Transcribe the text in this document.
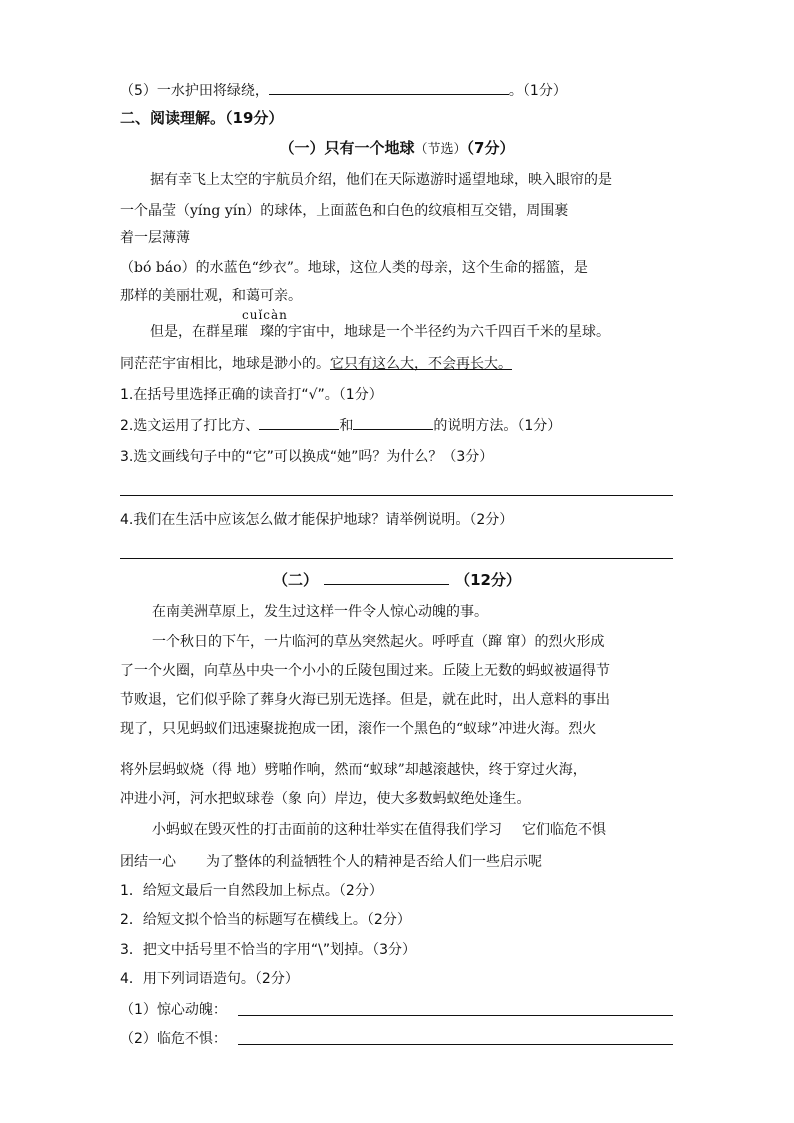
（5）一水护田将绿绕，	。（1分）
二、阅读理解。（19分）
（一）只有一个地球（节选）（7分）
据有幸飞上太空的宇航员介绍，他们在天际遨游时遥望地球，映入眼帘的是
一个晶莹（yíng yín）的球体，上面蓝色和白色的纹痕相互交错，周围裹
着一层薄薄
（bó báo）的水蓝色“纱衣”。地球，这位人类的母亲，这个生命的摇篮，是
那样的美丽壮观，和蔼可亲。
cuǐcàn
但是，在群星璀 璨的宇宙中，地球是一个半径约为六千四百千米的星球。
同茫茫宇宙相比，地球是渺小的。它只有这么大，不会再长大。
1.在括号里选择正确的读音打“√”。（1分）
2.选文运用了打比方、	和	的说明方法。（1分）
3.选文画线句子中的“它”可以换成“她”吗？为什么？（3分）
4.我们在生活中应该怎么做才能保护地球？请举例说明。（2分）
（二）	（12分）
在南美洲草原上，发生过这样一件令人惊心动魄的事。
一个秋日的下午，一片临河的草丛突然起火。呼呼直（蹿 窜）的烈火形成
了一个火圈，向草丛中央一个小小的丘陵包围过来。丘陵上无数的蚂蚁被逼得节
节败退，它们似乎除了葬身火海已别无选择。但是，就在此时，出人意料的事出
现了，只见蚂蚁们迅速聚拢抱成一团，滚作一个黑色的“蚁球”冲进火海。烈火
将外层蚂蚁烧（得 地）劈啪作响，然而“蚁球”却越滚越快，终于穿过火海，
冲进小河，河水把蚁球卷（象 向）岸边，使大多数蚂蚁绝处逢生。
小蚂蚁在毁灭性的打击面前的这种壮举实在值得我们学习 它们临危不惧
团结一心 为了整体的利益牺牲个人的精神是否给人们一些启示呢
1．给短文最后一自然段加上标点。（2分）
2．给短文拟个恰当的标题写在横线上。（2分）
3．把文中括号里不恰当的字用“\”划掉。（3分）
4．用下列词语造句。（2分）
（1）惊心动魄：
（2）临危不惧：
